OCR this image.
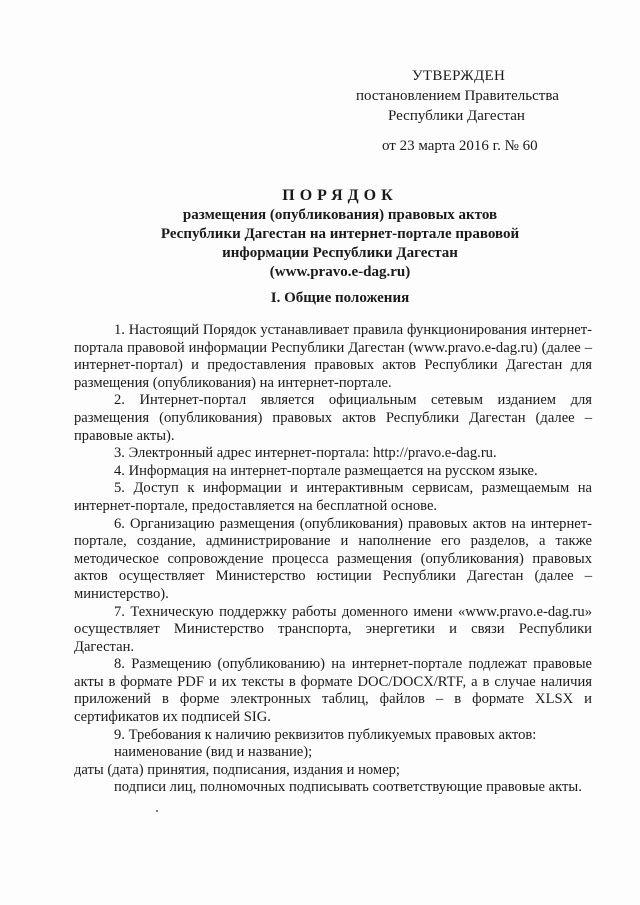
УТВЕРЖДЕН
постановлением Правительства
Республики Дагестан
от 23 марта 2016 г. № 60
ПОРЯДОК
размещения (опубликования) правовых актов
Республики Дагестан на интернет-портале правовой
информации Республики Дагестан
(www.pravo.e-dag.ru)
I. Общие положения

1. Настоящий Порядок устанавливает правила функционирования интернет-портала правовой информации Республики Дагестан (www.pravo.e-dag.ru) (далее – интернет-портал) и предоставления правовых актов Республики Дагестан для размещения (опубликования) на интернет-портале.

2. Интернет-портал является официальным сетевым изданием для размещения (опубликования) правовых актов Республики Дагестан (далее – правовые акты).

3. Электронный адрес интернет-портала: http://pravo.e-dag.ru.

4. Информация на интернет-портале размещается на русском языке.

5. Доступ к информации и интерактивным сервисам, размещаемым на интернет-портале, предоставляется на бесплатной основе.

6. Организацию размещения (опубликования) правовых актов на интернет-портале, создание, администрирование и наполнение его разделов, а также методическое сопровождение процесса размещения (опубликования) правовых актов осуществляет Министерство юстиции Республики Дагестан (далее – министерство).

7. Техническую поддержку работы доменного имени «www.pravo.e-dag.ru» осуществляет Министерство транспорта, энергетики и связи Республики Дагестан.

8. Размещению (опубликованию) на интернет-портале подлежат правовые акты в формате PDF и их тексты в формате DOC/DOCX/RTF, а в случае наличия приложений в форме электронных таблиц, файлов – в формате XLSX и сертификатов их подписей SIG.

9. Требования к наличию реквизитов публикуемых правовых актов:

наименование (вид и название);

даты (дата) принятия, подписания, издания и номер;

подписи лиц, полномочных подписывать соответствующие правовые акты.
